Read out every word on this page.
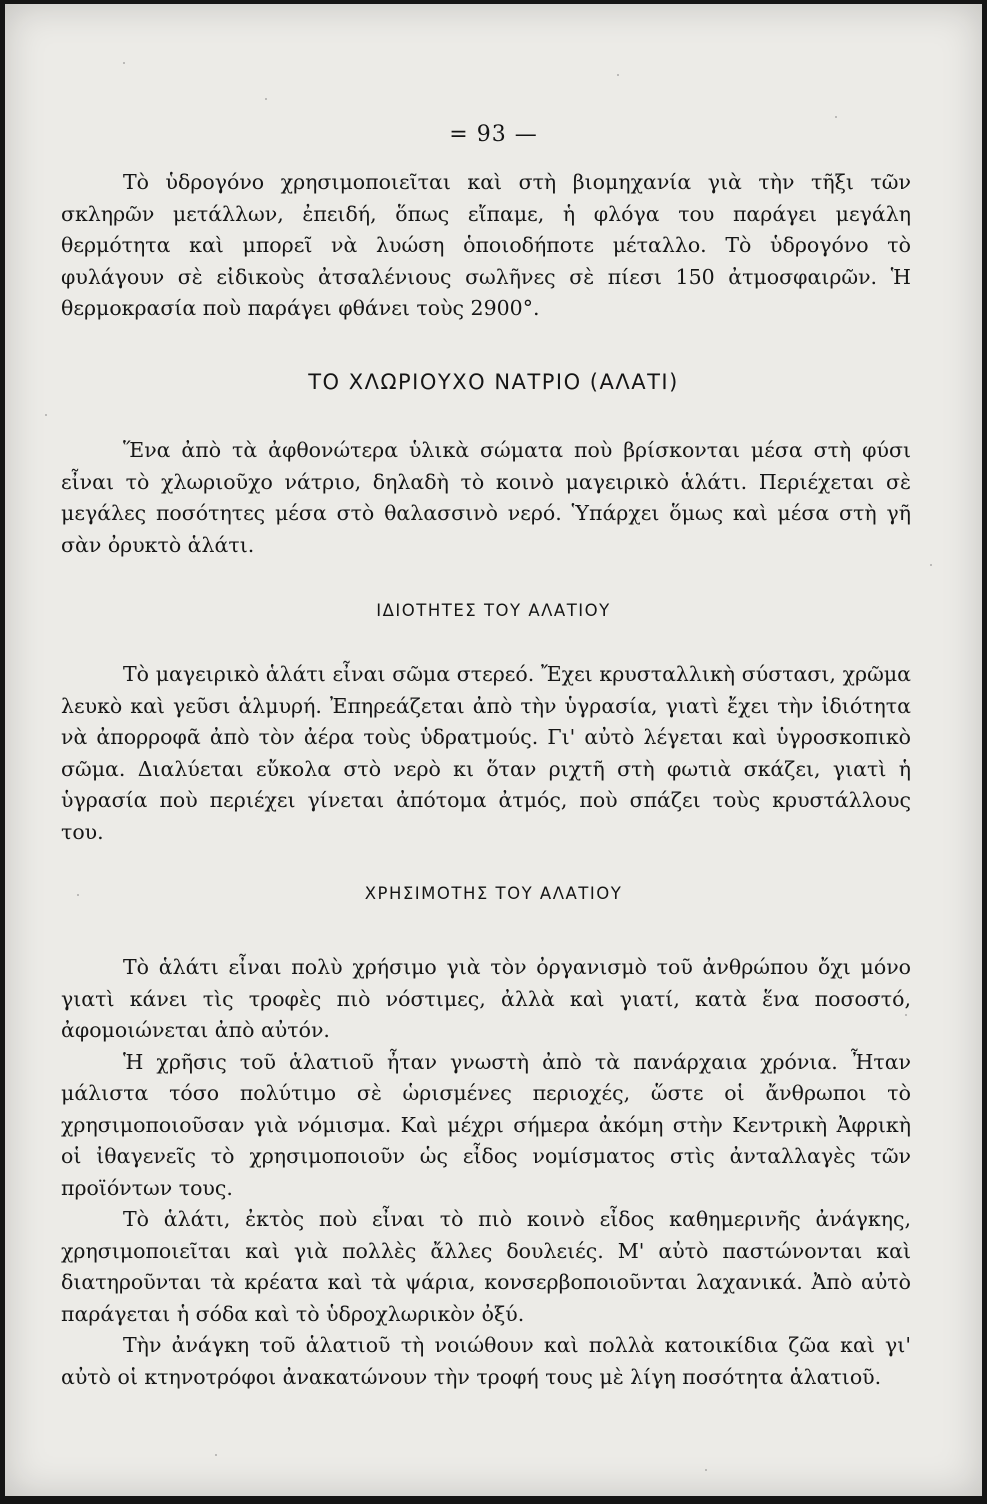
= 93 —

Τὸ ὑδρογόνο χρησιμοποιεῖται καὶ στὴ βιομηχανία γιὰ τὴν τῆξι τῶν σκληρῶν μετάλλων, ἐπειδή, ὅπως εἴπαμε, ἡ φλόγα του παράγει μεγάλη θερμότητα καὶ μπορεῖ νὰ λυώση ὁποιοδήποτε μέταλλο. Τὸ ὑδρογόνο τὸ φυλάγουν σὲ εἰδικοὺς ἀτσαλένιους σωλῆνες σὲ πίεσι 150 ἀτμοσφαιρῶν. Ἡ θερμοκρασία ποὺ παράγει φθάνει τοὺς 2900°.

ΤΟ ΧΛΩΡΙΟΥΧΟ ΝΑΤΡΙΟ (ΑΛΑΤΙ)

Ἕνα ἀπὸ τὰ ἀφθονώτερα ὑλικὰ σώματα ποὺ βρίσκονται μέσα στὴ φύσι εἶναι τὸ χλωριοῦχο νάτριο, δηλαδὴ τὸ κοινὸ μαγειρικὸ ἁλάτι. Περιέχεται σὲ μεγάλες ποσότητες μέσα στὸ θαλασσινὸ νερό. Ὑπάρχει ὅμως καὶ μέσα στὴ γῆ σὰν ὀρυκτὸ ἁλάτι.

ΙΔΙΟΤΗΤΕΣ ΤΟΥ ΑΛΑΤΙΟΥ

Τὸ μαγειρικὸ ἁλάτι εἶναι σῶμα στερεό. Ἔχει κρυσταλλικὴ σύστασι, χρῶμα λευκὸ καὶ γεῦσι ἁλμυρή. Ἐπηρεάζεται ἀπὸ τὴν ὑγρασία, γιατὶ ἔχει τὴν ἰδιότητα νὰ ἀπορροφᾶ ἀπὸ τὸν ἀέρα τοὺς ὑδρατμούς. Γι' αὐτὸ λέγεται καὶ ὑγροσκοπικὸ σῶμα. Διαλύεται εὔκολα στὸ νερὸ κι ὅταν ριχτῆ στὴ φωτιὰ σκάζει, γιατὶ ἡ ὑγρασία ποὺ περιέχει γίνεται ἀπότομα ἀτμός, ποὺ σπάζει τοὺς κρυστάλλους του.

ΧΡΗΣΙΜΟΤΗΣ ΤΟΥ ΑΛΑΤΙΟΥ

Τὸ ἁλάτι εἶναι πολὺ χρήσιμο γιὰ τὸν ὀργανισμὸ τοῦ ἀνθρώπου ὄχι μόνο γιατὶ κάνει τὶς τροφὲς πιὸ νόστιμες, ἀλλὰ καὶ γιατί, κατὰ ἕνα ποσοστό, ἀφομοιώνεται ἀπὸ αὐτόν.

Ἡ χρῆσις τοῦ ἁλατιοῦ ἦταν γνωστὴ ἀπὸ τὰ πανάρχαια χρόνια. Ἦταν μάλιστα τόσο πολύτιμο σὲ ὡρισμένες περιοχές, ὥστε οἱ ἄνθρωποι τὸ χρησιμοποιοῦσαν γιὰ νόμισμα. Καὶ μέχρι σήμερα ἀκόμη στὴν Κεντρικὴ Ἀφρικὴ οἱ ἰθαγενεῖς τὸ χρησιμοποιοῦν ὡς εἶδος νομίσματος στὶς ἀνταλλαγὲς τῶν προϊόντων τους.

Τὸ ἁλάτι, ἐκτὸς ποὺ εἶναι τὸ πιὸ κοινὸ εἶδος καθημερινῆς ἀνάγκης, χρησιμοποιεῖται καὶ γιὰ πολλὲς ἄλλες δουλειές. Μ' αὐτὸ παστώνονται καὶ διατηροῦνται τὰ κρέατα καὶ τὰ ψάρια, κονσερβοποιοῦνται λαχανικά. Ἀπὸ αὐτὸ παράγεται ἡ σόδα καὶ τὸ ὑδροχλωρικὸν ὀξύ.

Τὴν ἀνάγκη τοῦ ἁλατιοῦ τὴ νοιώθουν καὶ πολλὰ κατοικίδια ζῶα καὶ γι' αὐτὸ οἱ κτηνοτρόφοι ἀνακατώνουν τὴν τροφή τους μὲ λίγη ποσότητα ἁλατιοῦ.
